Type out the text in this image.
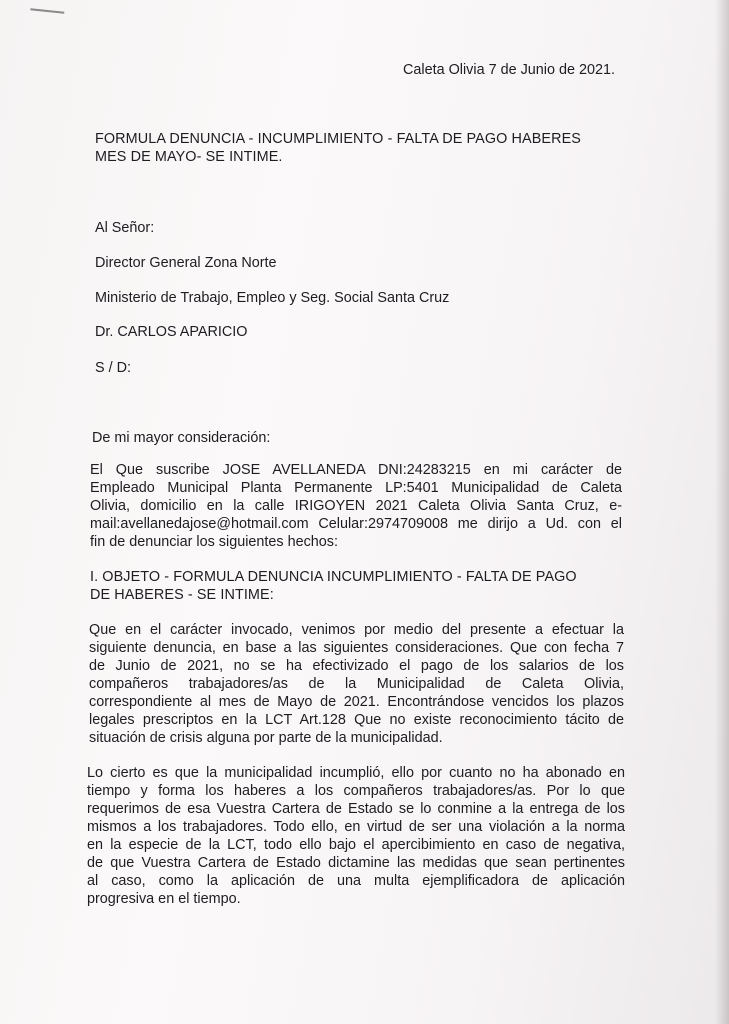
Caleta Olivia 7 de Junio de 2021.
FORMULA DENUNCIA - INCUMPLIMIENTO - FALTA DE PAGO HABERES
MES DE MAYO- SE INTIME.
Al Señor:
Director General Zona Norte
Ministerio de Trabajo, Empleo y Seg. Social Santa Cruz
Dr. CARLOS APARICIO
S / D:
De mi mayor consideración:
El Que suscribe JOSE AVELLANEDA DNI:24283215 en mi carácter de
Empleado Municipal Planta Permanente LP:5401 Municipalidad de Caleta
Olivia, domicilio en la calle IRIGOYEN 2021 Caleta Olivia Santa Cruz, e-
mail:avellanedajose@hotmail.com Celular:2974709008 me dirijo a Ud. con el
fin de denunciar los siguientes hechos:
I. OBJETO - FORMULA DENUNCIA INCUMPLIMIENTO - FALTA DE PAGO
DE HABERES - SE INTIME:
Que en el carácter invocado, venimos por medio del presente a efectuar la
siguiente denuncia, en base a las siguientes consideraciones. Que con fecha 7
de Junio de 2021, no se ha efectivizado el pago de los salarios de los
compañeros trabajadores/as de la Municipalidad de Caleta Olivia,
correspondiente al mes de Mayo de 2021. Encontrándose vencidos los plazos
legales prescriptos en la LCT Art.128 Que no existe reconocimiento tácito de
situación de crisis alguna por parte de la municipalidad.
Lo cierto es que la municipalidad incumplió, ello por cuanto no ha abonado en
tiempo y forma los haberes a los compañeros trabajadores/as. Por lo que
requerimos de esa Vuestra Cartera de Estado se lo conmine a la entrega de los
mismos a los trabajadores. Todo ello, en virtud de ser una violación a la norma
en la especie de la LCT, todo ello bajo el apercibimiento en caso de negativa,
de que Vuestra Cartera de Estado dictamine las medidas que sean pertinentes
al caso, como la aplicación de una multa ejemplificadora de aplicación
progresiva en el tiempo.
